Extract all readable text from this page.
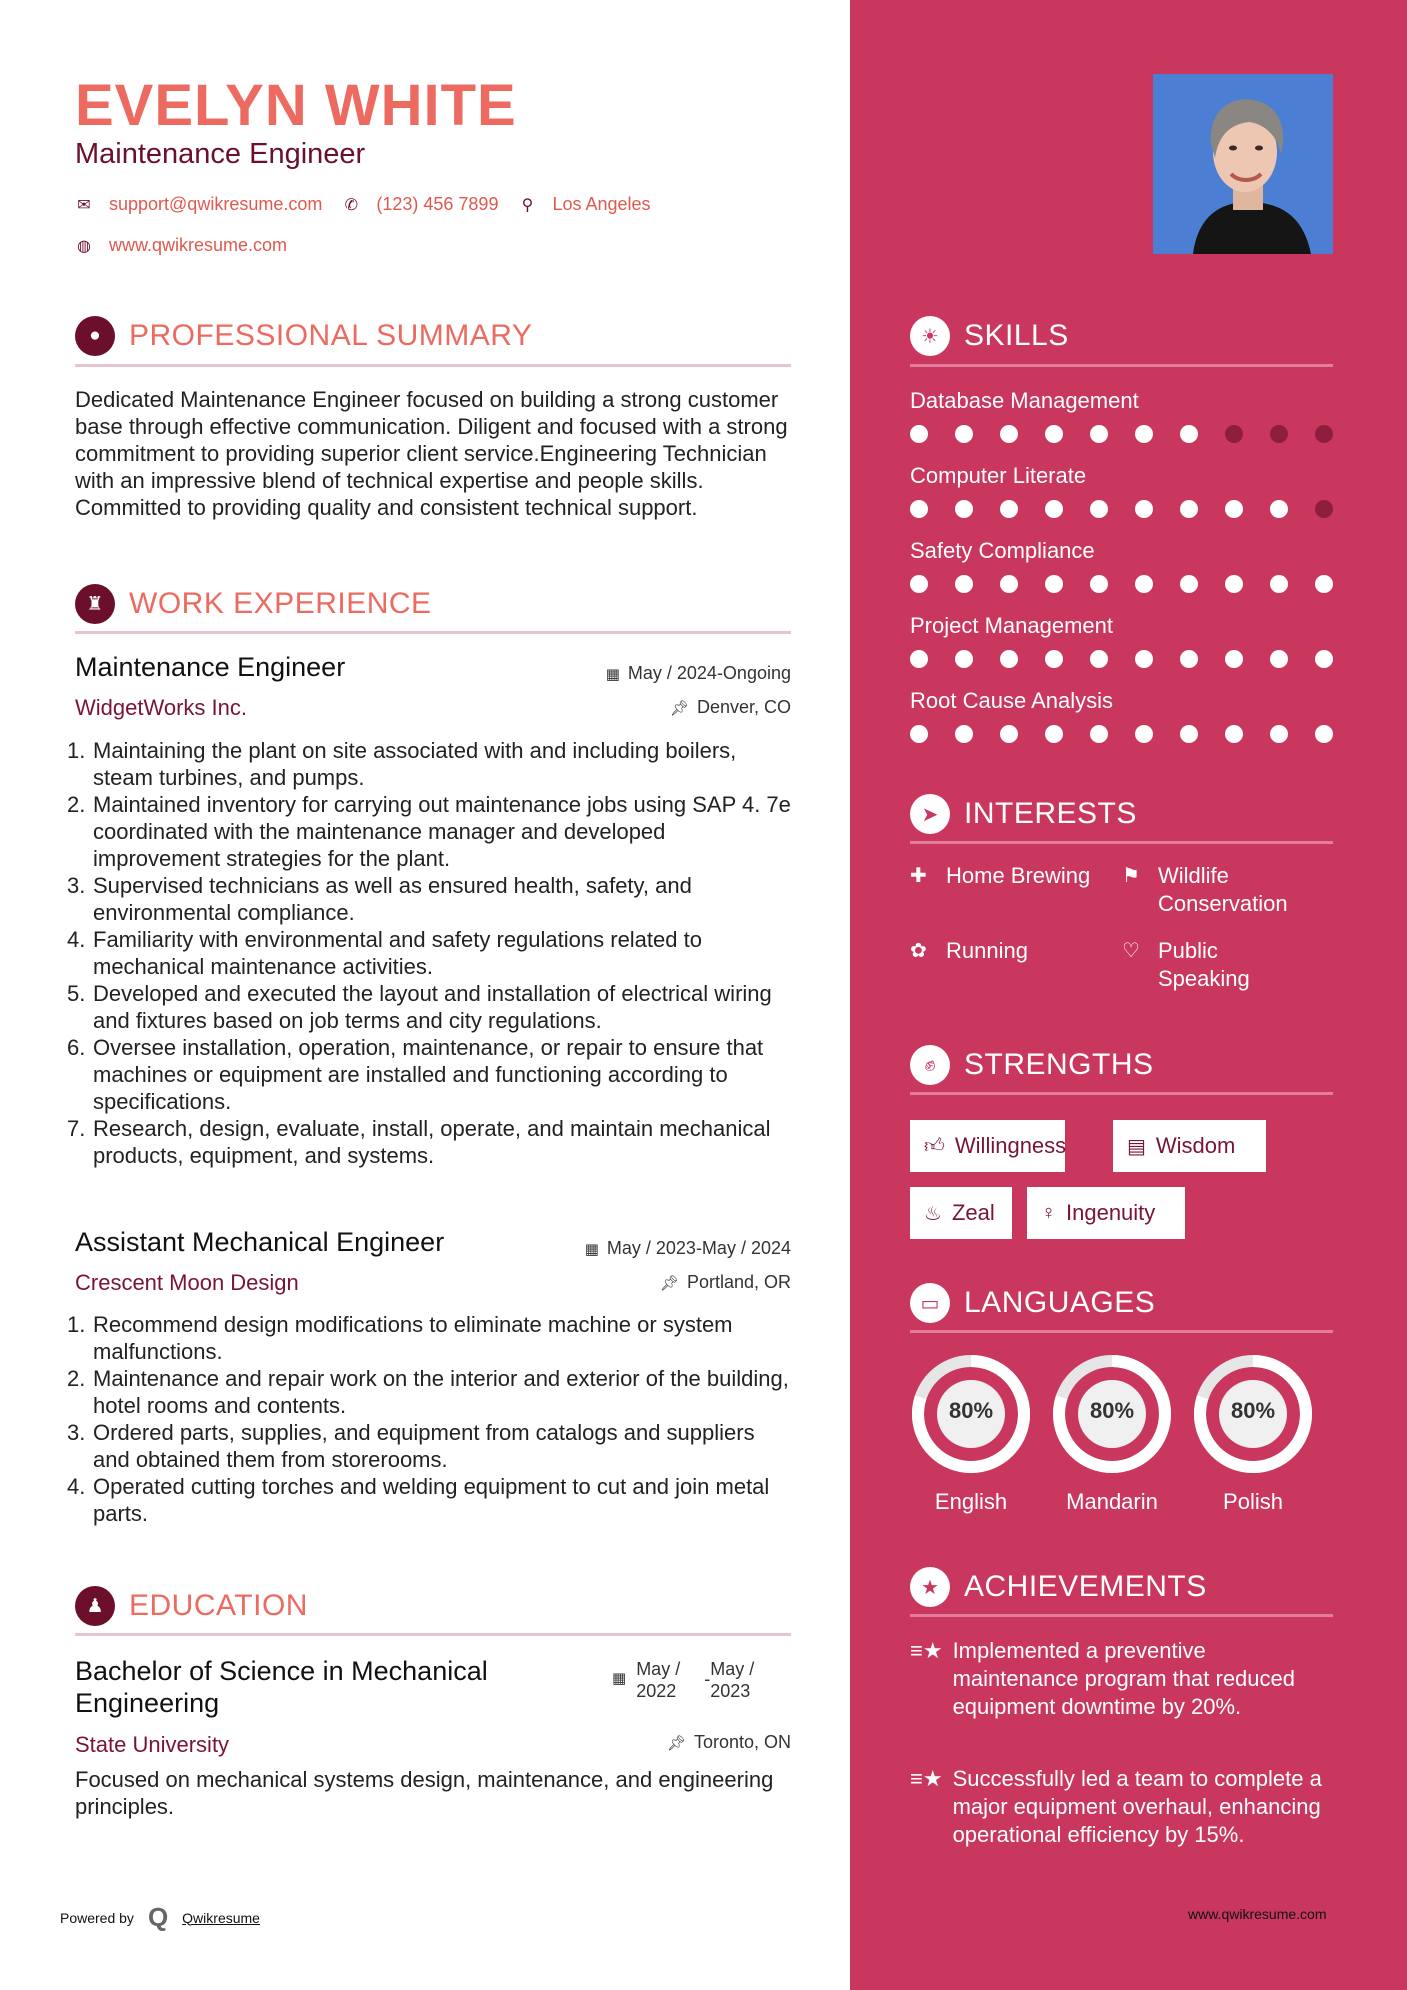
EVELYN WHITE
Maintenance Engineer
✉ support@qwikresume.com ✆ (123) 456 7899 ⚲ Los Angeles
◍ www.qwikresume.com
● PROFESSIONAL SUMMARY
Dedicated Maintenance Engineer focused on building a strong customer base through effective communication. Diligent and focused with a strong commitment to providing superior client service.Engineering Technician with an impressive blend of technical expertise and people skills. Committed to providing quality and consistent technical support.
♜ WORK EXPERIENCE
Maintenance Engineer	▦ May / 2024-Ongoing
WidgetWorks Inc.	📌︎ Denver, CO
1. Maintaining the plant on site associated with and including boilers, steam turbines, and pumps.
2. Maintained inventory for carrying out maintenance jobs using SAP 4. 7e coordinated with the maintenance manager and developed improvement strategies for the plant.
3. Supervised technicians as well as ensured health, safety, and environmental compliance.
4. Familiarity with environmental and safety regulations related to mechanical maintenance activities.
5. Developed and executed the layout and installation of electrical wiring and fixtures based on job terms and city regulations.
6. Oversee installation, operation, maintenance, or repair to ensure that machines or equipment are installed and functioning according to specifications.
7. Research, design, evaluate, install, operate, and maintain mechanical products, equipment, and systems.
Assistant Mechanical Engineer	▦ May / 2023-May / 2024
Crescent Moon Design	📌︎ Portland, OR
1. Recommend design modifications to eliminate machine or system malfunctions.
2. Maintenance and repair work on the interior and exterior of the building, hotel rooms and contents.
3. Ordered parts, supplies, and equipment from catalogs and suppliers and obtained them from storerooms.
4. Operated cutting torches and welding equipment to cut and join metal parts.
♟ EDUCATION
Bachelor of Science in Mechanical
Engineering
▦ May /
2022
- May /
2023
State University	📌︎ Toronto, ON
Focused on mechanical systems design, maintenance, and engineering principles.
Powered by Q Qwikresume
☀ SKILLS
Database Management
Computer Literate
Safety Compliance
Project Management
Root Cause Analysis
➤ INTERESTS
✚ Home Brewing ⚑ Wildlife
Conservation
✿ Running	♡ Public
Speaking
✊︎ STRENGTHS
👍︎ Willingness	▤ Wisdom
♨ Zeal ♀ Ingenuity
▭ LANGUAGES
80%
English
80%
Mandarin
80%
Polish
★ ACHIEVEMENTS
≡★ Implemented a preventive maintenance program that reduced equipment downtime by 20%.
≡★ Successfully led a team to complete a major equipment overhaul, enhancing operational efficiency by 15%.
www.qwikresume.com
